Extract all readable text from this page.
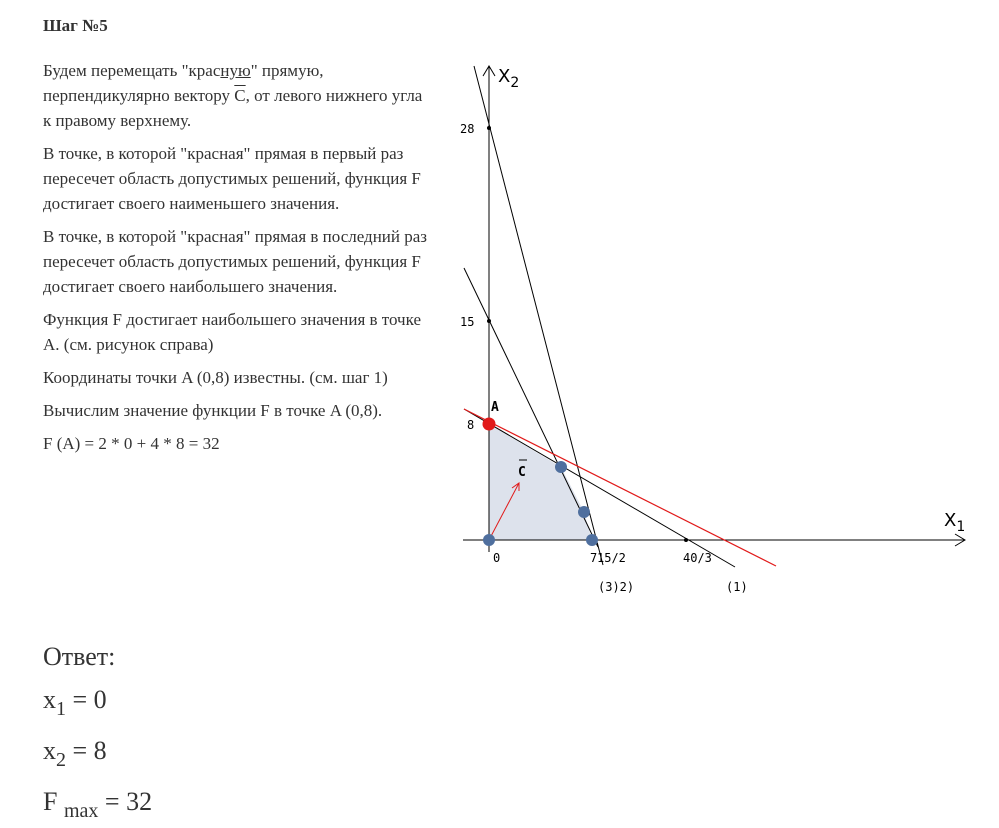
Шаг №5

Будем перемещать "красную" прямую, перпендикулярно вектору $\overline{C}$, от левого нижнего угла к правому верхнему.

В точке, в которой "красная" прямая в первый раз пересечет область допустимых решений, функция F достигает своего наименьшего значения.

В точке, в которой "красная" прямая в последний раз пересечет область допустимых решений, функция F достигает своего наибольшего значения.

Функция F достигает наибольшего значения в точке A. (см. рисунок справа)

Координаты точки A (0,8) известны. (см. шаг 1)

Вычислим значение функции F в точке A (0,8).

F (A) = 2 * 0 + 4 * 8 = 32

$X_1$
$X_2$
28
15
8
A
C
0	7 15/2	40/3
(3)2)	(1)
Ответ:
$x_1 = 0$
$x_2 = 8$
F $_{max}$ = 32
